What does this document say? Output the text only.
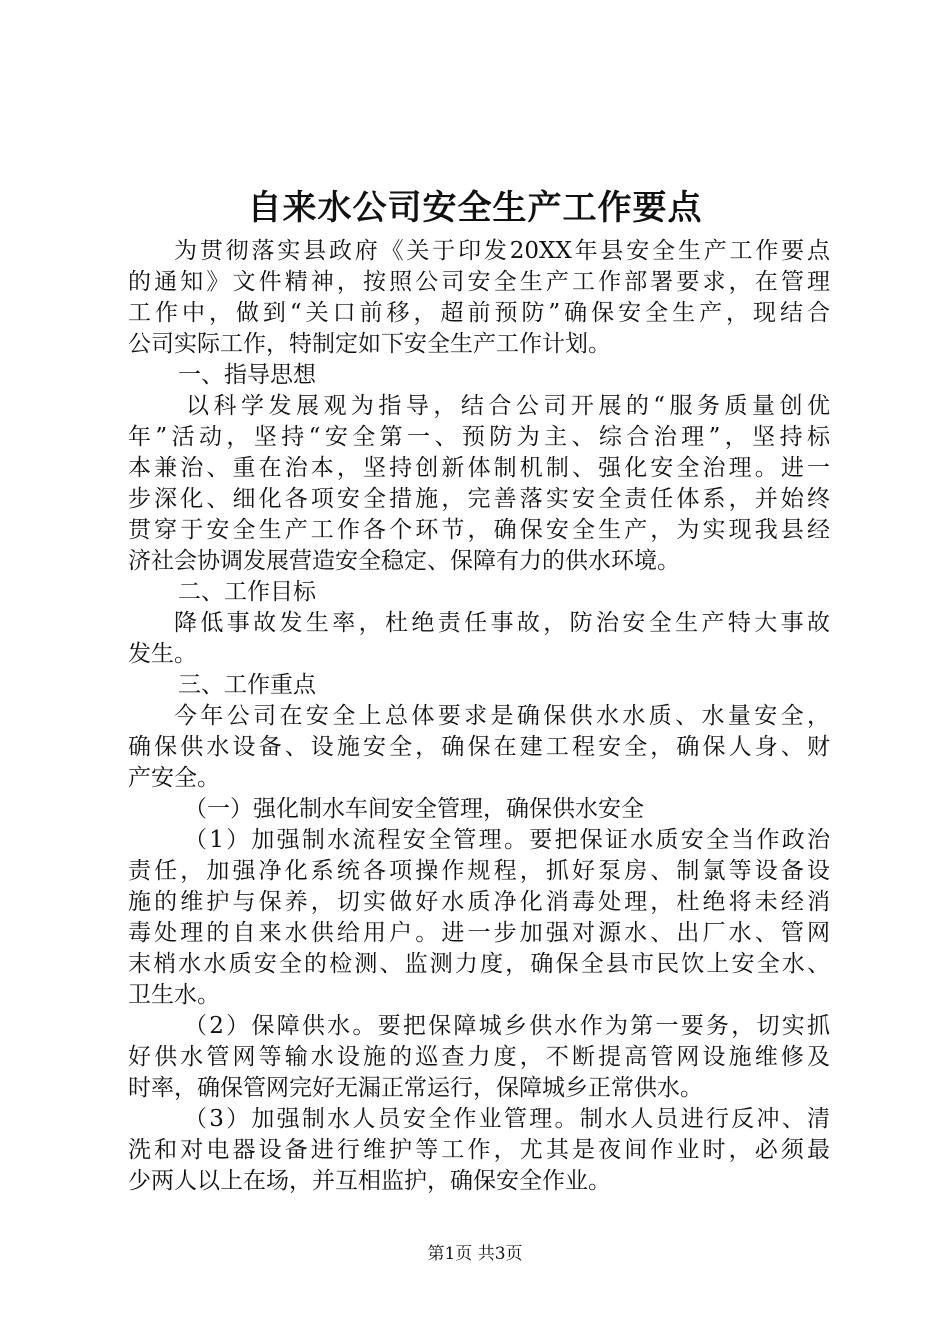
自来水公司安全生产工作要点
为贯彻落实县政府《关于印发20XX年县安全生产工作要点
的通知》文件精神，按照公司安全生产工作部署要求，在管理
工作中，做到“关口前移，超前预防”确保安全生产，现结合
公司实际工作，特制定如下安全生产工作计划。
一、指导思想
以科学发展观为指导，结合公司开展的“服务质量创优
年”活动，坚持“安全第一、预防为主、综合治理”，坚持标
本兼治、重在治本，坚持创新体制机制、强化安全治理。进一
步深化、细化各项安全措施，完善落实安全责任体系，并始终
贯穿于安全生产工作各个环节，确保安全生产，为实现我县经
济社会协调发展营造安全稳定、保障有力的供水环境。
二、工作目标
降低事故发生率，杜绝责任事故，防治安全生产特大事故
发生。
三、工作重点
今年公司在安全上总体要求是确保供水水质、水量安全，
确保供水设备、设施安全，确保在建工程安全，确保人身、财
产安全。
（一）强化制水车间安全管理，确保供水安全
（1）加强制水流程安全管理。要把保证水质安全当作政治
责任，加强净化系统各项操作规程，抓好泵房、制氯等设备设
施的维护与保养，切实做好水质净化消毒处理，杜绝将未经消
毒处理的自来水供给用户。进一步加强对源水、出厂水、管网
末梢水水质安全的检测、监测力度，确保全县市民饮上安全水、
卫生水。
（2）保障供水。要把保障城乡供水作为第一要务，切实抓
好供水管网等输水设施的巡查力度，不断提高管网设施维修及
时率，确保管网完好无漏正常运行，保障城乡正常供水。
（3）加强制水人员安全作业管理。制水人员进行反冲、清
洗和对电器设备进行维护等工作，尤其是夜间作业时，必须最
少两人以上在场，并互相监护，确保安全作业。
第1页 共3页
